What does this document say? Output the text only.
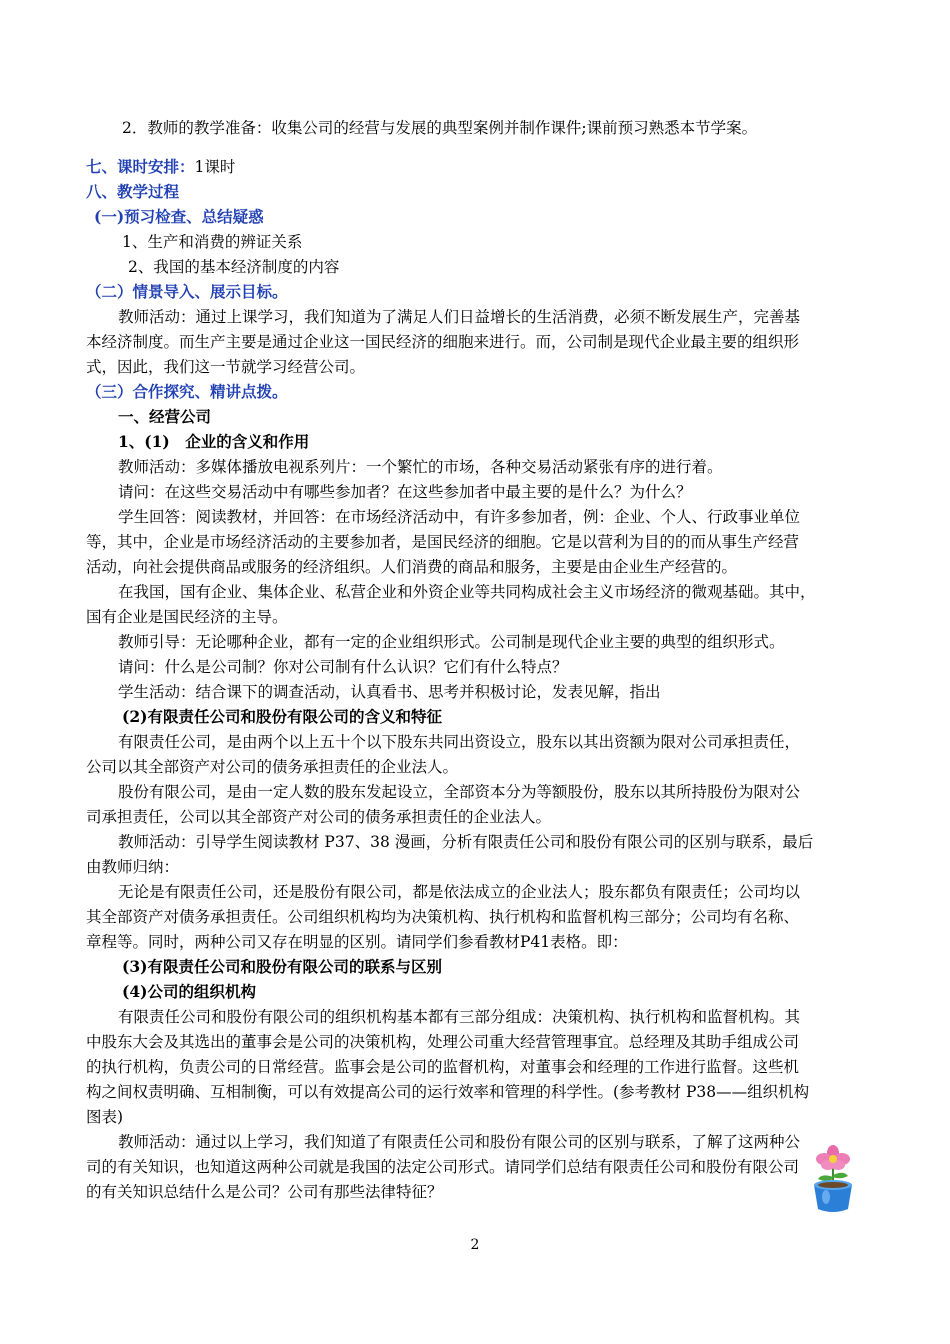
2．教师的教学准备：收集公司的经营与发展的典型案例并制作课件;课前预习熟悉本节学案。
七、课时安排：1课时
八、教学过程
(一)预习检查、总结疑惑
1、生产和消费的辨证关系
2、我国的基本经济制度的内容
（二）情景导入、展示目标。
教师活动：通过上课学习，我们知道为了满足人们日益增长的生活消费，必须不断发展生产，完善基
本经济制度。而生产主要是通过企业这一国民经济的细胞来进行。而，公司制是现代企业最主要的组织形
式，因此，我们这一节就学习经营公司。
（三）合作探究、精讲点拨。
一、经营公司
1、(1)　企业的含义和作用
教师活动：多媒体播放电视系列片：一个繁忙的市场，各种交易活动紧张有序的进行着。
请问：在这些交易活动中有哪些参加者？在这些参加者中最主要的是什么？为什么？
学生回答：阅读教材，并回答：在市场经济活动中，有许多参加者，例：企业、个人、行政事业单位
等，其中，企业是市场经济活动的主要参加者，是国民经济的细胞。它是以营利为目的的而从事生产经营
活动，向社会提供商品或服务的经济组织。人们消费的商品和服务，主要是由企业生产经营的。
在我国，国有企业、集体企业、私营企业和外资企业等共同构成社会主义市场经济的微观基础。其中，
国有企业是国民经济的主导。
教师引导：无论哪种企业，都有一定的企业组织形式。公司制是现代企业主要的典型的组织形式。
请问：什么是公司制？你对公司制有什么认识？它们有什么特点？
学生活动：结合课下的调查活动，认真看书、思考并积极讨论，发表见解，指出
(2)有限责任公司和股份有限公司的含义和特征
有限责任公司，是由两个以上五十个以下股东共同出资设立，股东以其出资额为限对公司承担责任，
公司以其全部资产对公司的债务承担责任的企业法人。
股份有限公司，是由一定人数的股东发起设立，全部资本分为等额股份，股东以其所持股份为限对公
司承担责任，公司以其全部资产对公司的债务承担责任的企业法人。
教师活动：引导学生阅读教材 P37、38 漫画，分析有限责任公司和股份有限公司的区别与联系，最后
由教师归纳：
无论是有限责任公司，还是股份有限公司，都是依法成立的企业法人；股东都负有限责任；公司均以
其全部资产对债务承担责任。公司组织机构均为决策机构、执行机构和监督机构三部分；公司均有名称、
章程等。同时，两种公司又存在明显的区别。请同学们参看教材P41表格。即：
(3)有限责任公司和股份有限公司的联系与区别
(4)公司的组织机构
有限责任公司和股份有限公司的组织机构基本都有三部分组成：决策机构、执行机构和监督机构。其
中股东大会及其选出的董事会是公司的决策机构，处理公司重大经营管理事宜。总经理及其助手组成公司
的执行机构，负责公司的日常经营。监事会是公司的监督机构，对董事会和经理的工作进行监督。这些机
构之间权责明确、互相制衡，可以有效提高公司的运行效率和管理的科学性。(参考教材 P38——组织机构
图表)
教师活动：通过以上学习，我们知道了有限责任公司和股份有限公司的区别与联系，了解了这两种公
司的有关知识，也知道这两种公司就是我国的法定公司形式。请同学们总结有限责任公司和股份有限公司
的有关知识总结什么是公司？公司有那些法律特征？
2
